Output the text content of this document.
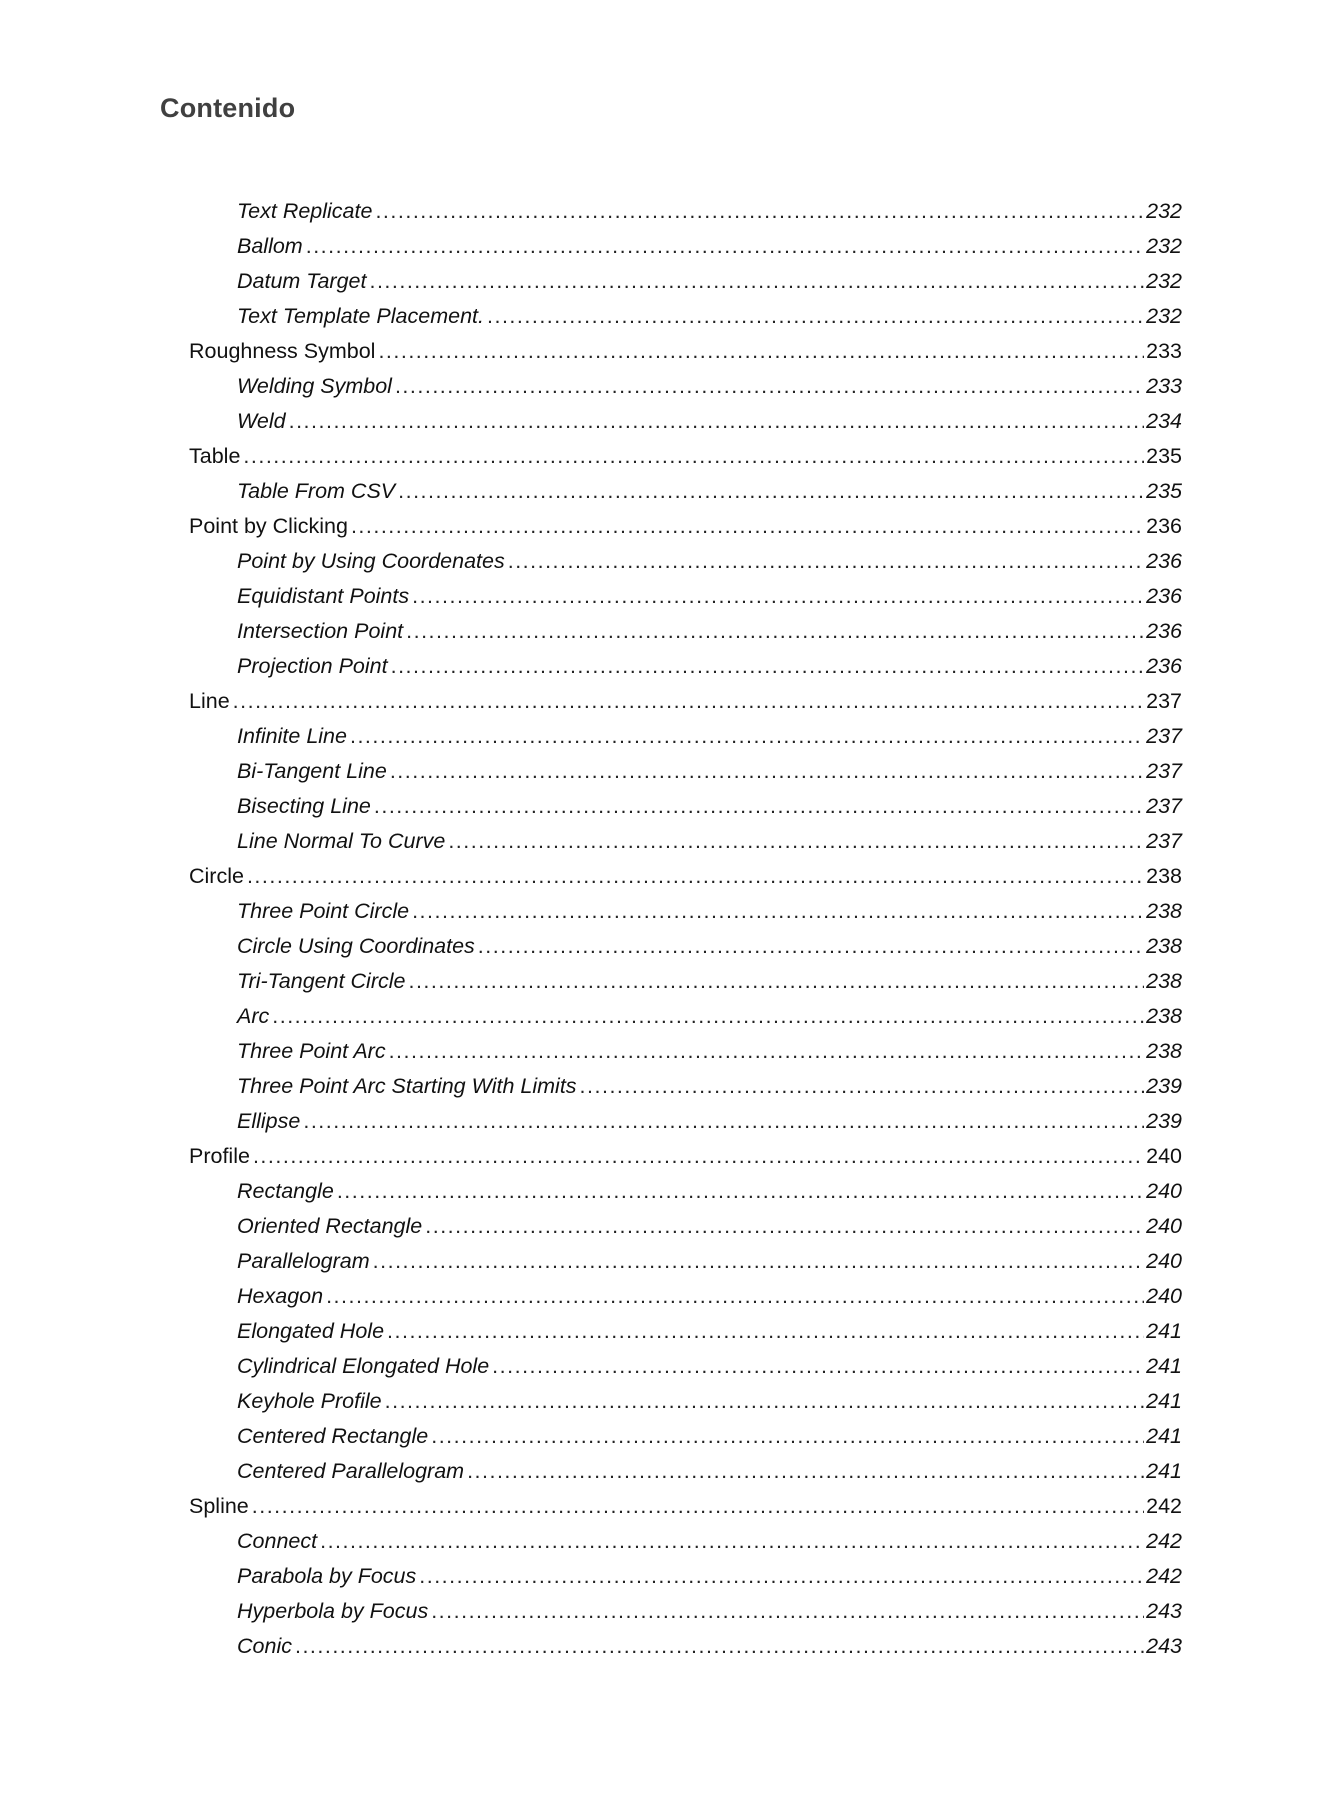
Contenido
Text Replicate .....	232
Ballom .....	232
Datum Target .....	232
Text Template Placement. .....	232
Roughness Symbol .....	233
Welding Symbol .....	233
Weld .....	234
Table .....	235
Table From CSV .....	235
Point by Clicking .....	236
Point by Using Coordenates .....	236
Equidistant Points .....	236
Intersection Point .....	236
Projection Point .....	236
Line .....	237
Infinite Line .....	237
Bi-Tangent Line .....	237
Bisecting Line .....	237
Line Normal To Curve .....	237
Circle .....	238
Three Point Circle .....	238
Circle Using Coordinates .....	238
Tri-Tangent Circle .....	238
Arc .....	238
Three Point Arc .....	238
Three Point Arc Starting With Limits .....	239
Ellipse .....	239
Profile .....	240
Rectangle .....	240
Oriented Rectangle .....	240
Parallelogram .....	240
Hexagon .....	240
Elongated Hole .....	241
Cylindrical Elongated Hole .....	241
Keyhole Profile .....	241
Centered Rectangle .....	241
Centered Parallelogram .....	241
Spline .....	242
Connect .....	242
Parabola by Focus .....	242
Hyperbola by Focus .....	243
Conic .....	243
